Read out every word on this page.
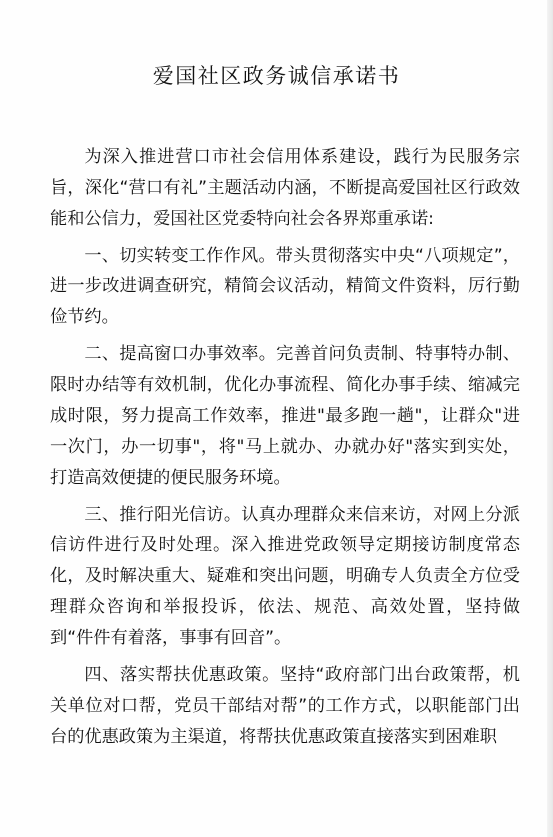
爱国社区政务诚信承诺书

为深入推进营口市社会信用体系建设，践行为民服务宗旨，深化“营口有礼”主题活动内涵，不断提高爱国社区行政效能和公信力，爱国社区党委特向社会各界郑重承诺:

一、切实转变工作作风。带头贯彻落实中央“八项规定”，进一步改进调查研究，精简会议活动，精简文件资料，厉行勤俭节约。

二、提高窗口办事效率。完善首问负责制、特事特办制、限时办结等有效机制，优化办事流程、简化办事手续、缩减完成时限，努力提高工作效率，推进"最多跑一趟"，让群众"进一次门，办一切事"，将"马上就办、办就办好"落实到实处，打造高效便捷的便民服务环境。

三、推行阳光信访。认真办理群众来信来访，对网上分派信访件进行及时处理。深入推进党政领导定期接访制度常态化，及时解决重大、疑难和突出问题，明确专人负责全方位受理群众咨询和举报投诉，依法、规范、高效处置，坚持做到“件件有着落，事事有回音”。

四、落实帮扶优惠政策。坚持“政府部门出台政策帮，机关单位对口帮，党员干部结对帮”的工作方式，以职能部门出台的优惠政策为主渠道，将帮扶优惠政策直接落实到困难职
